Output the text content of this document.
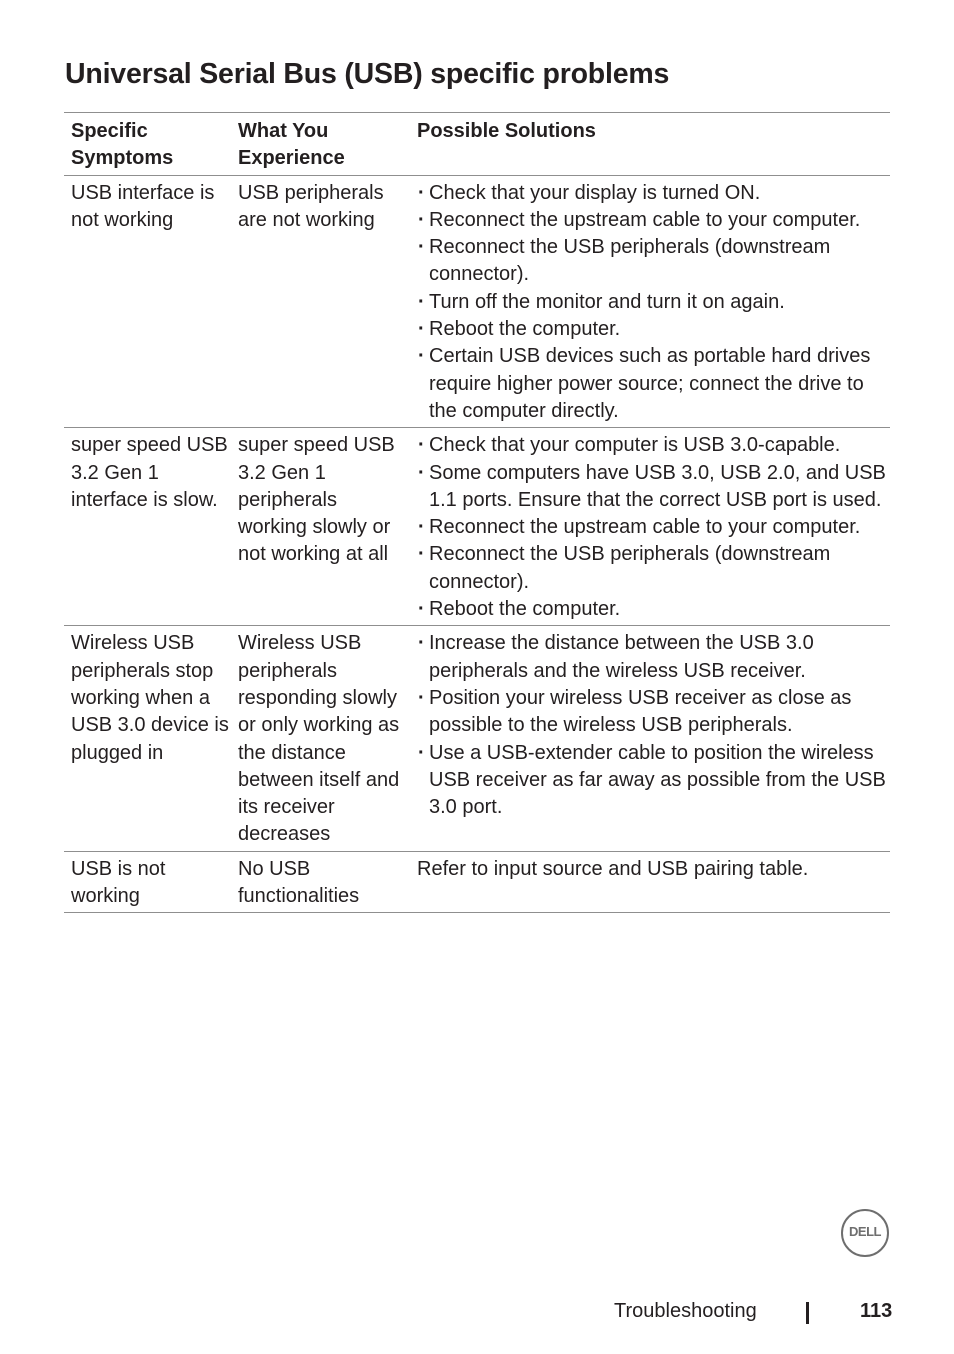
Universal Serial Bus (USB) specific problems
Specific
Symptoms
What You
Experience
Possible Solutions
USB interface is not working
USB peripherals are not working
· Check that your display is turned ON.
· Reconnect the upstream cable to your computer.
· Reconnect the USB peripherals (downstream connector).
· Turn off the monitor and turn it on again.
· Reboot the computer.
· Certain USB devices such as portable hard drives require higher power source; connect the drive to the computer directly.
super speed USB 3.2 Gen 1 interface is slow.
super speed USB 3.2 Gen 1 peripherals working slowly or not working at all
· Check that your computer is USB 3.0-capable.
· Some computers have USB 3.0, USB 2.0, and USB 1.1 ports. Ensure that the correct USB port is used.
· Reconnect the upstream cable to your computer.
· Reconnect the USB peripherals (downstream connector).
· Reboot the computer.
Wireless USB peripherals stop working when a USB 3.0 device is plugged in
Wireless USB peripherals responding slowly or only working as the distance between itself and its receiver decreases
· Increase the distance between the USB 3.0 peripherals and the wireless USB receiver.
· Position your wireless USB receiver as close as possible to the wireless USB peripherals.
· Use a USB-extender cable to position the wireless USB receiver as far away as possible from the USB 3.0 port.
USB is not working
No USB functionalities
Refer to input source and USB pairing table.
DELL
Troubleshooting	113
